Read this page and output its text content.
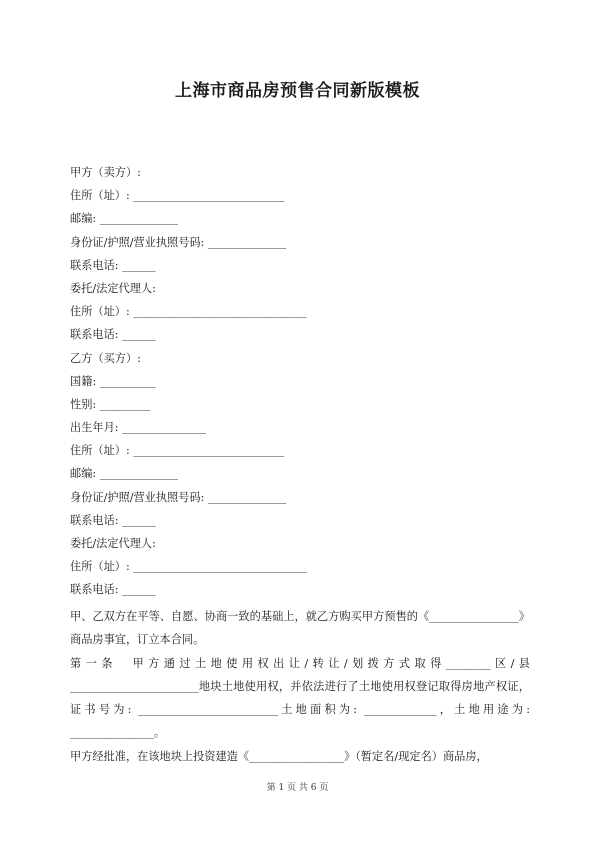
上海市商品房预售合同新版模板
甲方（卖方）:
住所（址）: ___________________________
邮编: ______________
身份证/护照/营业执照号码: ______________
联系电话: ______
委托/法定代理人:
住所（址）: _______________________________
联系电话: ______
乙方（买方）:
国籍: __________
性别: _________
出生年月: _______________
住所（址）: ___________________________
邮编: ______________
身份证/护照/营业执照号码: ______________
联系电话: ______
委托/法定代理人:
住所（址）: _______________________________
联系电话: ______
甲、乙双方在平等、自愿、协商一致的基础上，就乙方购买甲方预售的《________________》商品房事宜，订立本合同。
第一条　甲方通过土地使用权出让/转让/划拨方式取得________区/县
_______________________地块土地使用权，并依法进行了土地使用权登记取得房地产权证，证书号为: _________________________土地面积为: _____________，土地用途为: _______________。
甲方经批准，在该地块上投资建造《_________________》（暂定名/现定名）商品房，
第 1 页 共 6 页
